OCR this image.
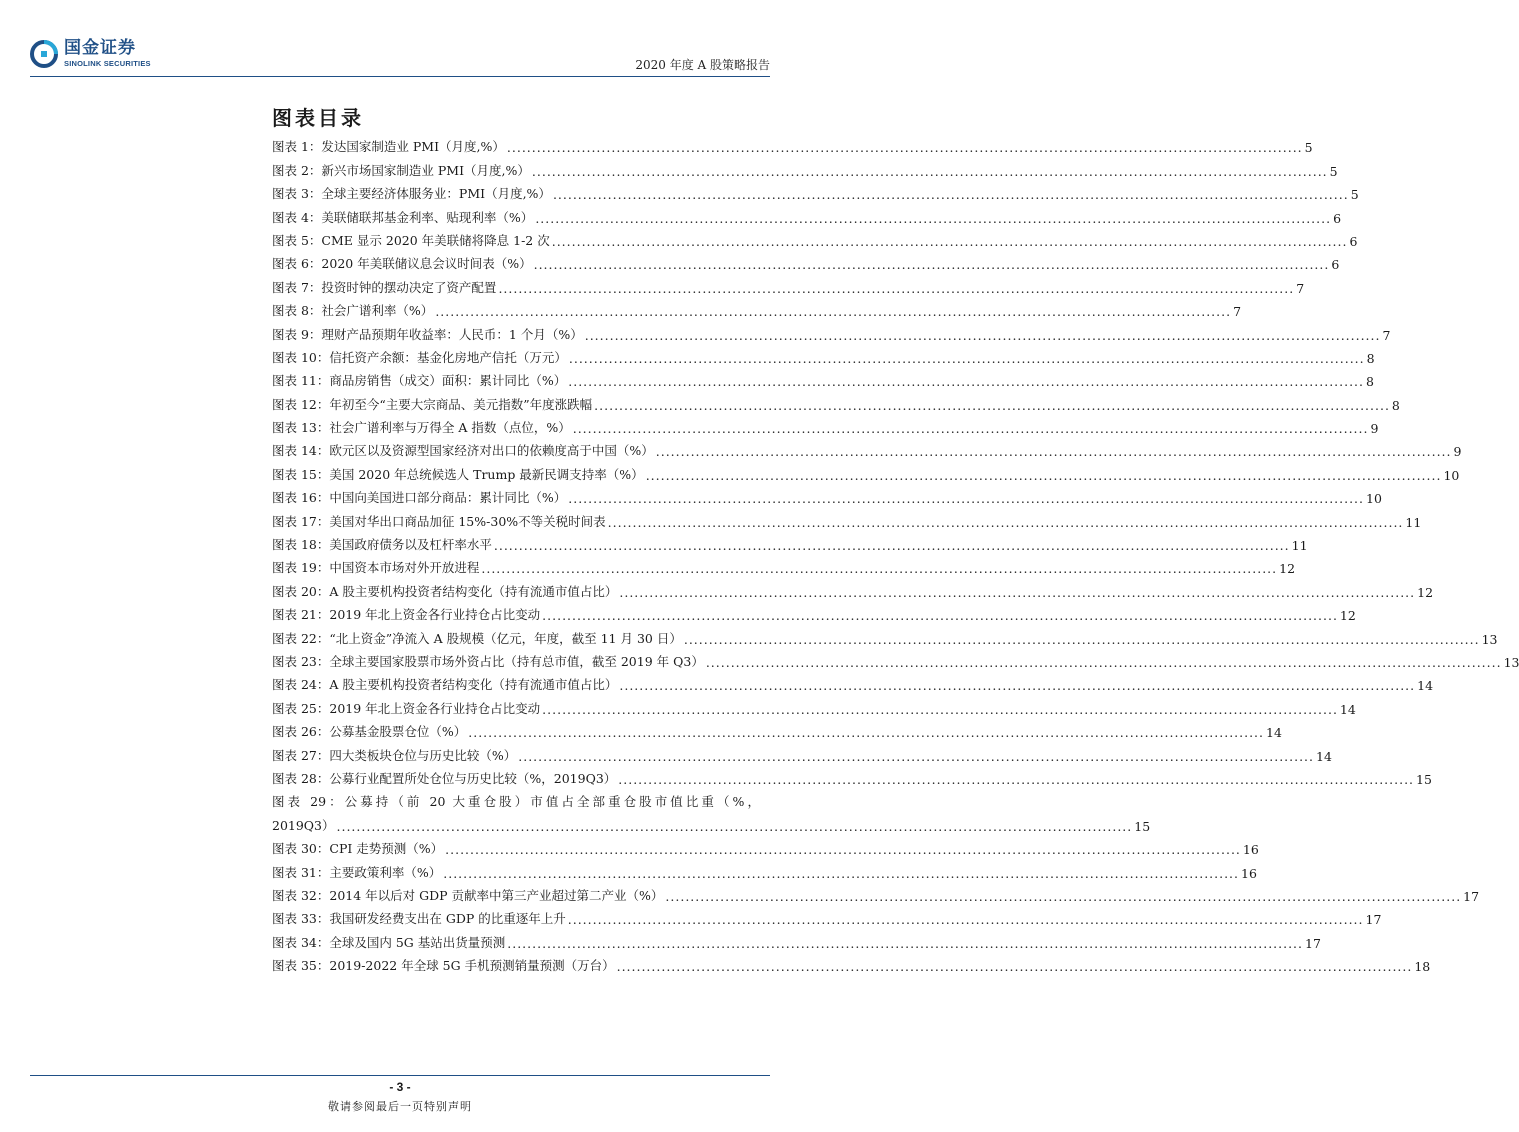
国金证券
SINOLINK SECURITIES	2020 年度 A 股策略报告
图表目录
图表 1：发达国家制造业 PMI（月度,%） .....	5
图表 2：新兴市场国家制造业 PMI（月度,%） .....	5
图表 3：全球主要经济体服务业：PMI（月度,%） .....	5
图表 4：美联储联邦基金利率、贴现利率（%） .....	6
图表 5：CME 显示 2020 年美联储将降息 1-2 次 .....	6
图表 6：2020 年美联储议息会议时间表（%） .....	6
图表 7：投资时钟的摆动决定了资产配置 .....	7
图表 8：社会广谱利率（%） .....	7
图表 9：理财产品预期年收益率：人民币：1 个月（%） .....	7
图表 10：信托资产余额：基金化房地产信托（万元） .....	8
图表 11：商品房销售（成交）面积：累计同比（%） .....	8
图表 12：年初至今“主要大宗商品、美元指数”年度涨跌幅 .....	8
图表 13：社会广谱利率与万得全 A 指数（点位，%） .....	9
图表 14：欧元区以及资源型国家经济对出口的依赖度高于中国（%） .....	9
图表 15：美国 2020 年总统候选人 Trump 最新民调支持率（%） .....	10
图表 16：中国向美国进口部分商品：累计同比（%） .....	10
图表 17：美国对华出口商品加征 15%-30%不等关税时间表 .....	11
图表 18：美国政府债务以及杠杆率水平 .....	11
图表 19：中国资本市场对外开放进程 .....	12
图表 20：A 股主要机构投资者结构变化（持有流通市值占比） .....	12
图表 21：2019 年北上资金各行业持仓占比变动 .....	12
图表 22：“北上资金”净流入 A 股规模（亿元，年度，截至 11 月 30 日） .....	13
图表 23：全球主要国家股票市场外资占比（持有总市值，截至 2019 年 Q3） .....	13
图表 24：A 股主要机构投资者结构变化（持有流通市值占比） .....	14
图表 25：2019 年北上资金各行业持仓占比变动 .....	14
图表 26：公募基金股票仓位（%） .....	14
图表 27：四大类板块仓位与历史比较（%） .....	14
图表 28：公募行业配置所处仓位与历史比较（%，2019Q3） .....	15
图表 29：公募持（前 20 大重仓股）市值占全部重仓股市值比重（%，
2019Q3） .....	15
图表 30：CPI 走势预测（%） .....	16
图表 31：主要政策利率（%） .....	16
图表 32：2014 年以后对 GDP 贡献率中第三产业超过第二产业（%） .....	17
图表 33：我国研发经费支出在 GDP 的比重逐年上升 .....	17
图表 34：全球及国内 5G 基站出货量预测 .....	17
图表 35：2019-2022 年全球 5G 手机预测销量预测（万台） .....	18
- 3 -
敬请参阅最后一页特别声明
